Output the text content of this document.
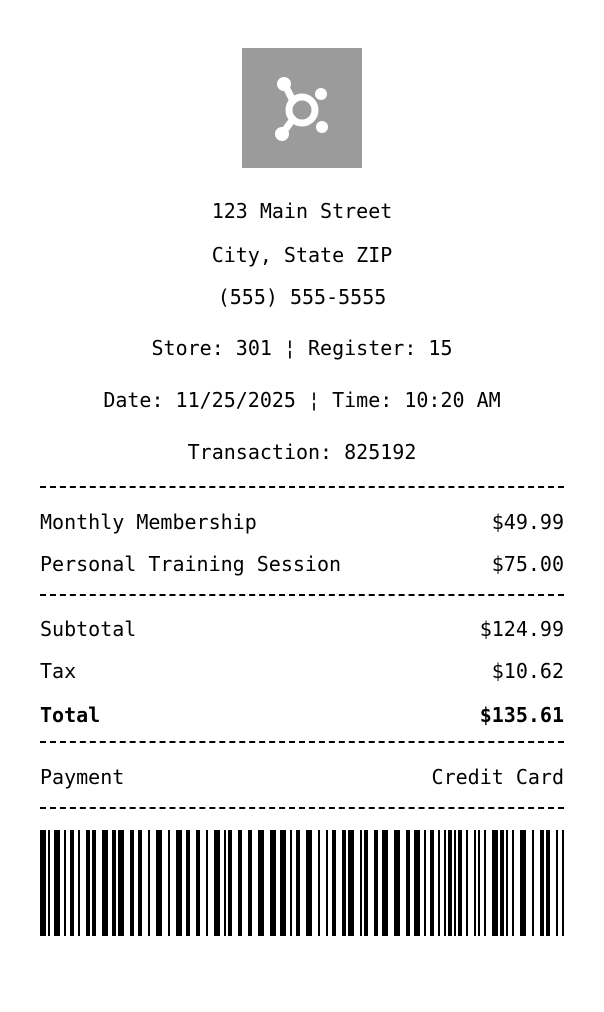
123 Main Street
City, State ZIP
(555) 555-5555
Store: 301 ¦ Register: 15
Date: 11/25/2025 ¦ Time: 10:20 AM
Transaction: 825192
Monthly Membership	$49.99
Personal Training Session	$75.00
Subtotal	$124.99
Tax	$10.62
Total	$135.61
Payment	Credit Card
